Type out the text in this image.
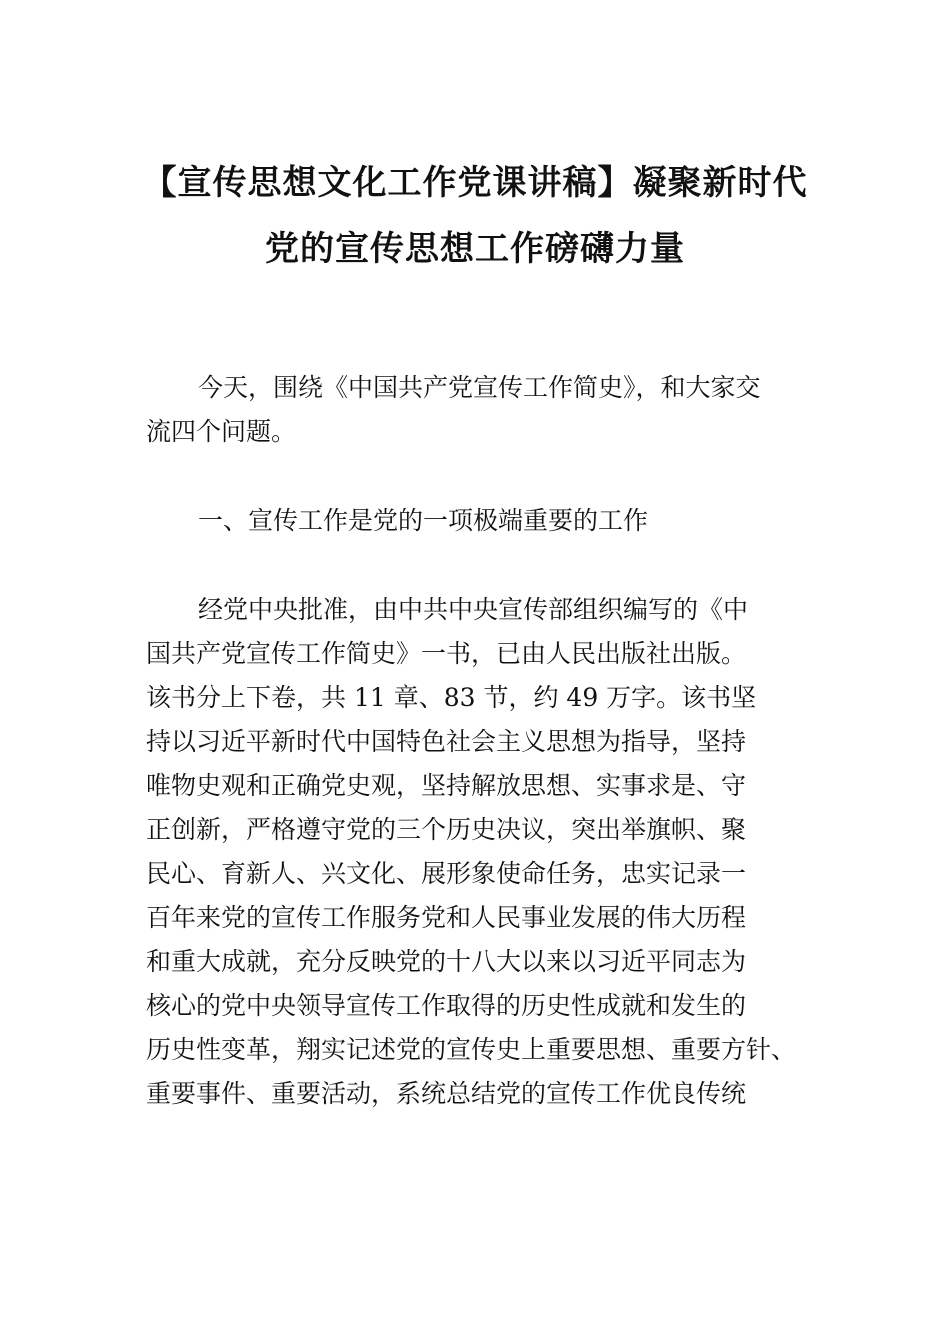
【宣传思想文化工作党课讲稿】凝聚新时代
党的宣传思想工作磅礴力量

今天，围绕《中国共产党宣传工作简史》，和大家交

流四个问题。

一、宣传工作是党的一项极端重要的工作

经党中央批准，由中共中央宣传部组织编写的《中

国共产党宣传工作简史》一书，已由人民出版社出版。

该书分上下卷，共 11 章、83 节，约 49 万字。该书坚

持以习近平新时代中国特色社会主义思想为指导，坚持

唯物史观和正确党史观，坚持解放思想、实事求是、守

正创新，严格遵守党的三个历史决议，突出举旗帜、聚

民心、育新人、兴文化、展形象使命任务，忠实记录一

百年来党的宣传工作服务党和人民事业发展的伟大历程

和重大成就，充分反映党的十八大以来以习近平同志为

核心的党中央领导宣传工作取得的历史性成就和发生的

历史性变革，翔实记述党的宣传史上重要思想、重要方针、

重要事件、重要活动，系统总结党的宣传工作优良传统
